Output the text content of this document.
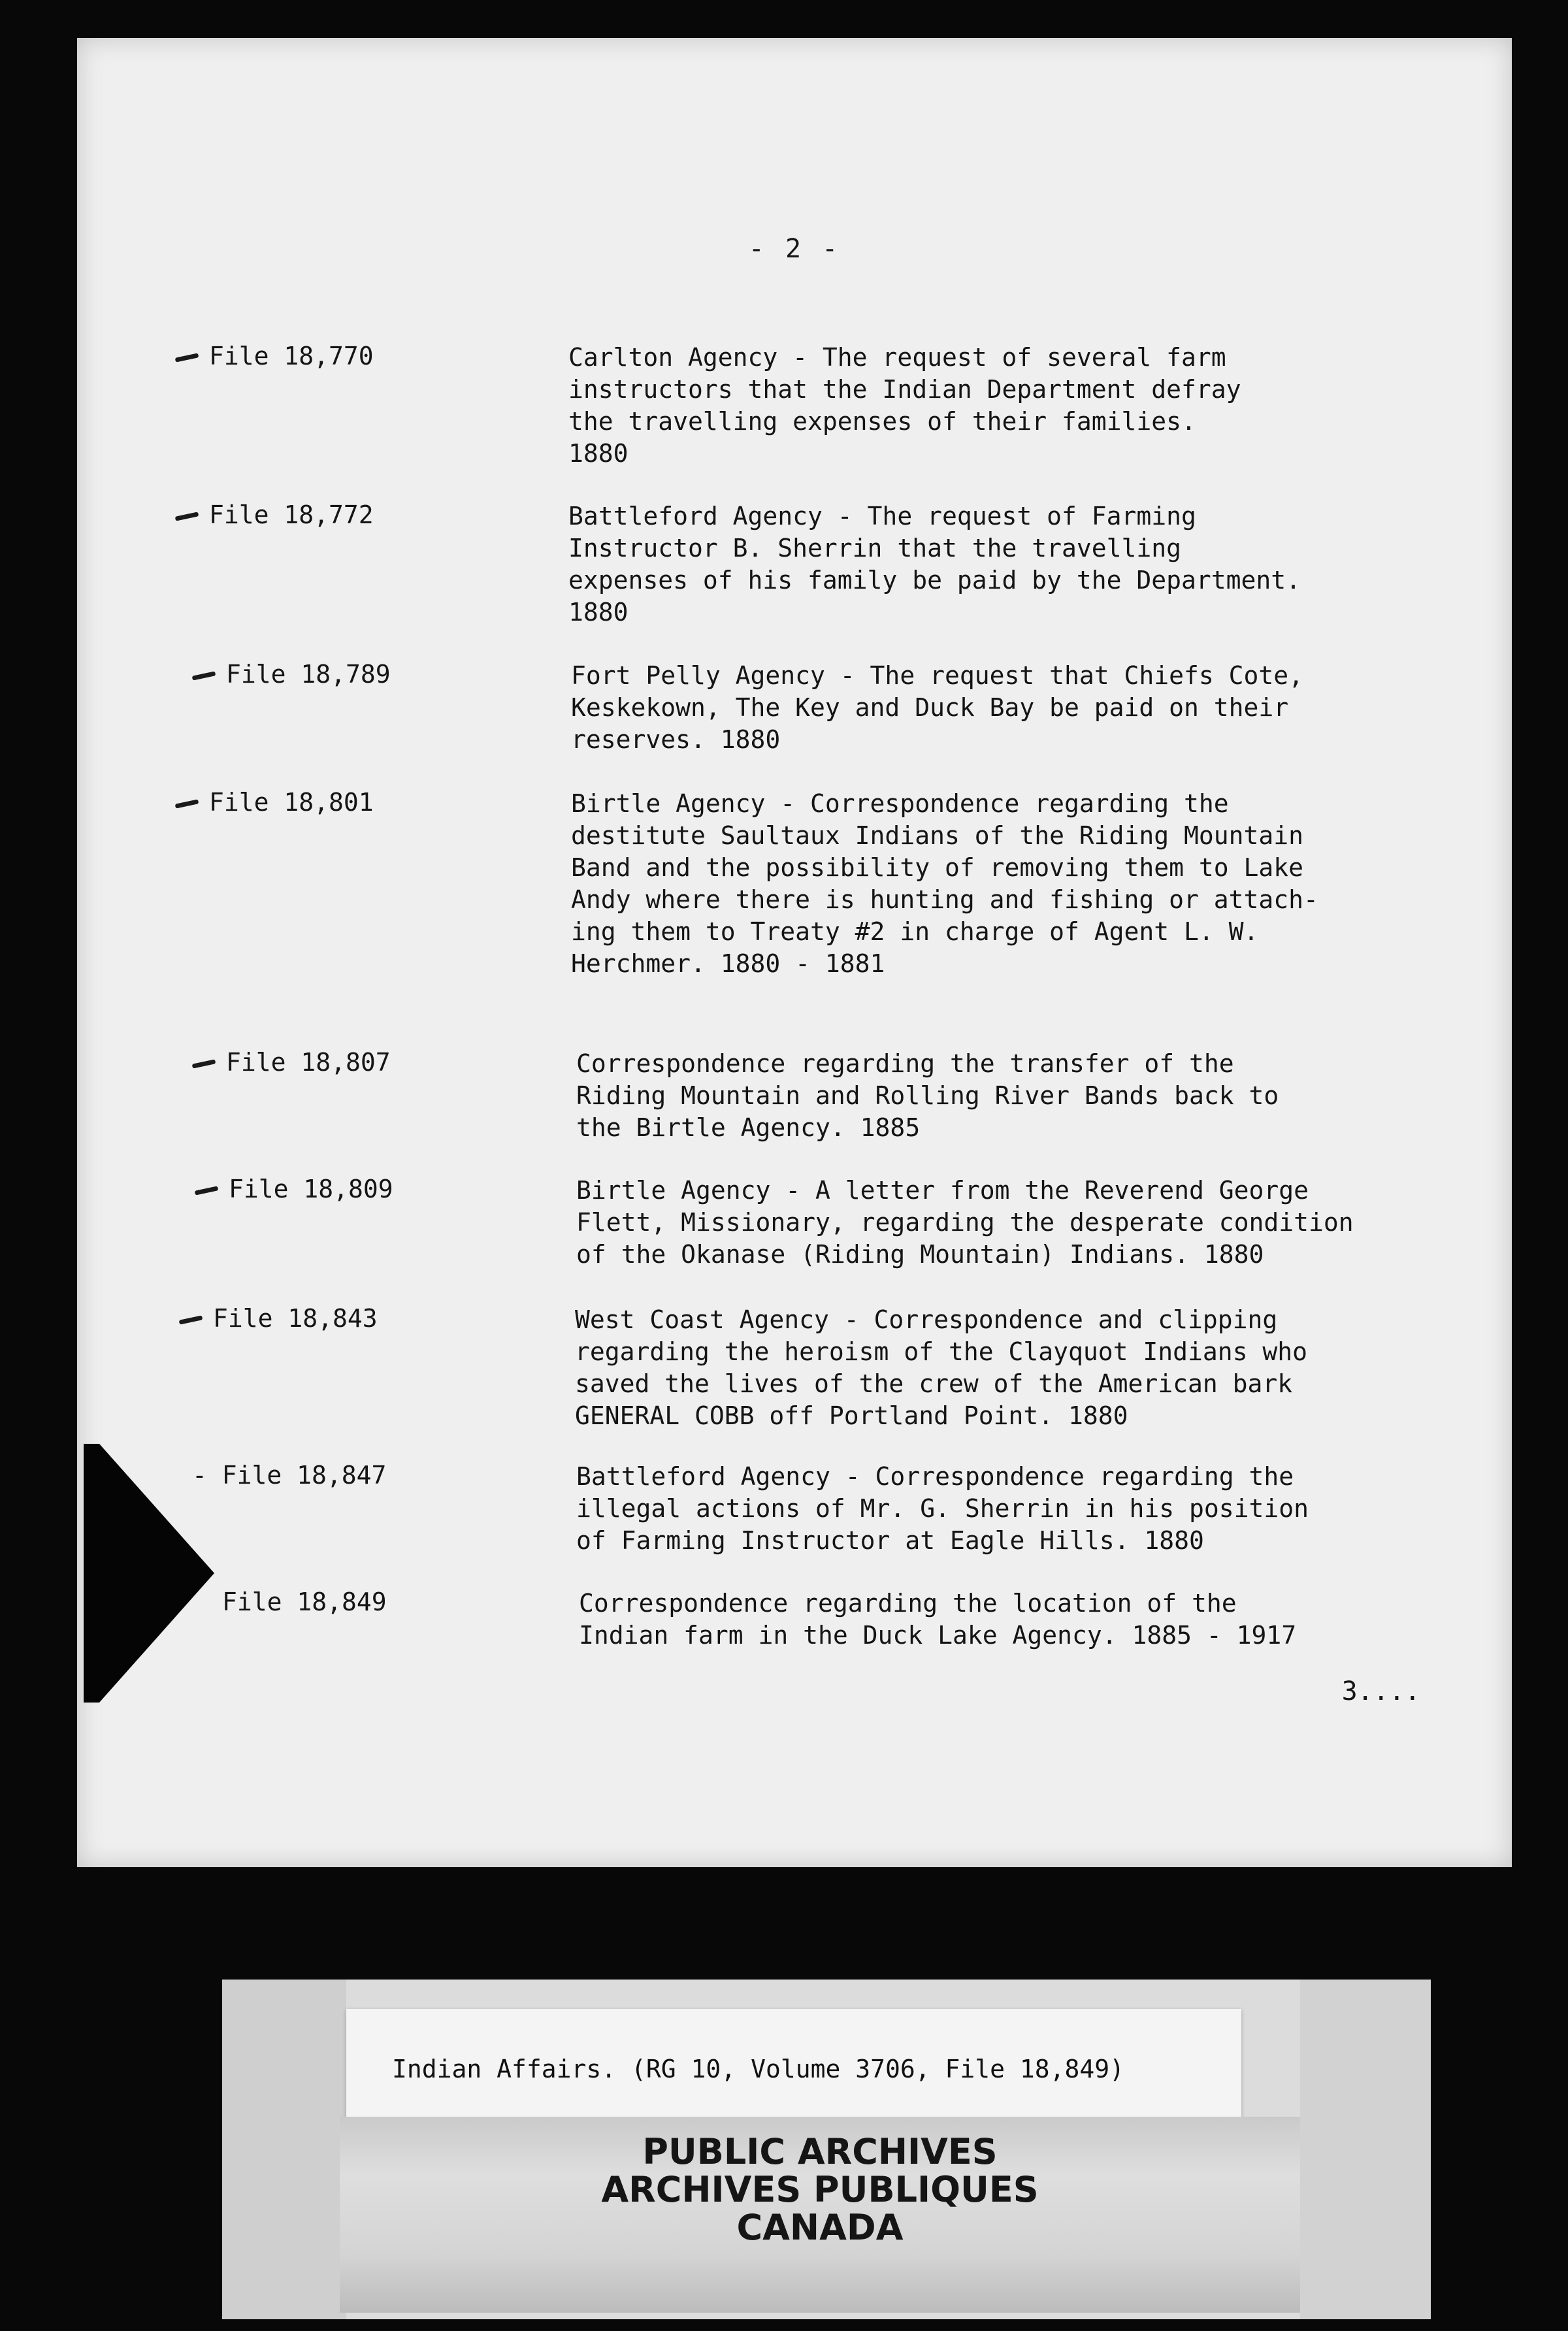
- 2 -
File 18,770	Carlton Agency - The request of several farm
instructors that the Indian Department defray
the travelling expenses of their families.
1880
File 18,772	Battleford Agency - The request of Farming
Instructor B. Sherrin that the travelling
expenses of his family be paid by the Department.
1880
File 18,789	Fort Pelly Agency - The request that Chiefs Cote,
Keskekown, The Key and Duck Bay be paid on their
reserves. 1880
File 18,801	Birtle Agency - Correspondence regarding the
destitute Saultaux Indians of the Riding Mountain
Band and the possibility of removing them to Lake
Andy where there is hunting and fishing or attach-
ing them to Treaty #2 in charge of Agent L. W.
Herchmer. 1880 - 1881
File 18,807	Correspondence regarding the transfer of the
Riding Mountain and Rolling River Bands back to
the Birtle Agency. 1885
File 18,809	Birtle Agency - A letter from the Reverend George
Flett, Missionary, regarding the desperate condition
of the Okanase (Riding Mountain) Indians. 1880
File 18,843	West Coast Agency - Correspondence and clipping
regarding the heroism of the Clayquot Indians who
saved the lives of the crew of the American bark
GENERAL COBB off Portland Point. 1880
- File 18,847	Battleford Agency - Correspondence regarding the
illegal actions of Mr. G. Sherrin in his position
of Farming Instructor at Eagle Hills. 1880
File 18,849	Correspondence regarding the location of the
Indian farm in the Duck Lake Agency. 1885 - 1917
3....
Indian Affairs. (RG 10, Volume 3706, File 18,849)
PUBLIC ARCHIVES
ARCHIVES PUBLIQUES
CANADA
